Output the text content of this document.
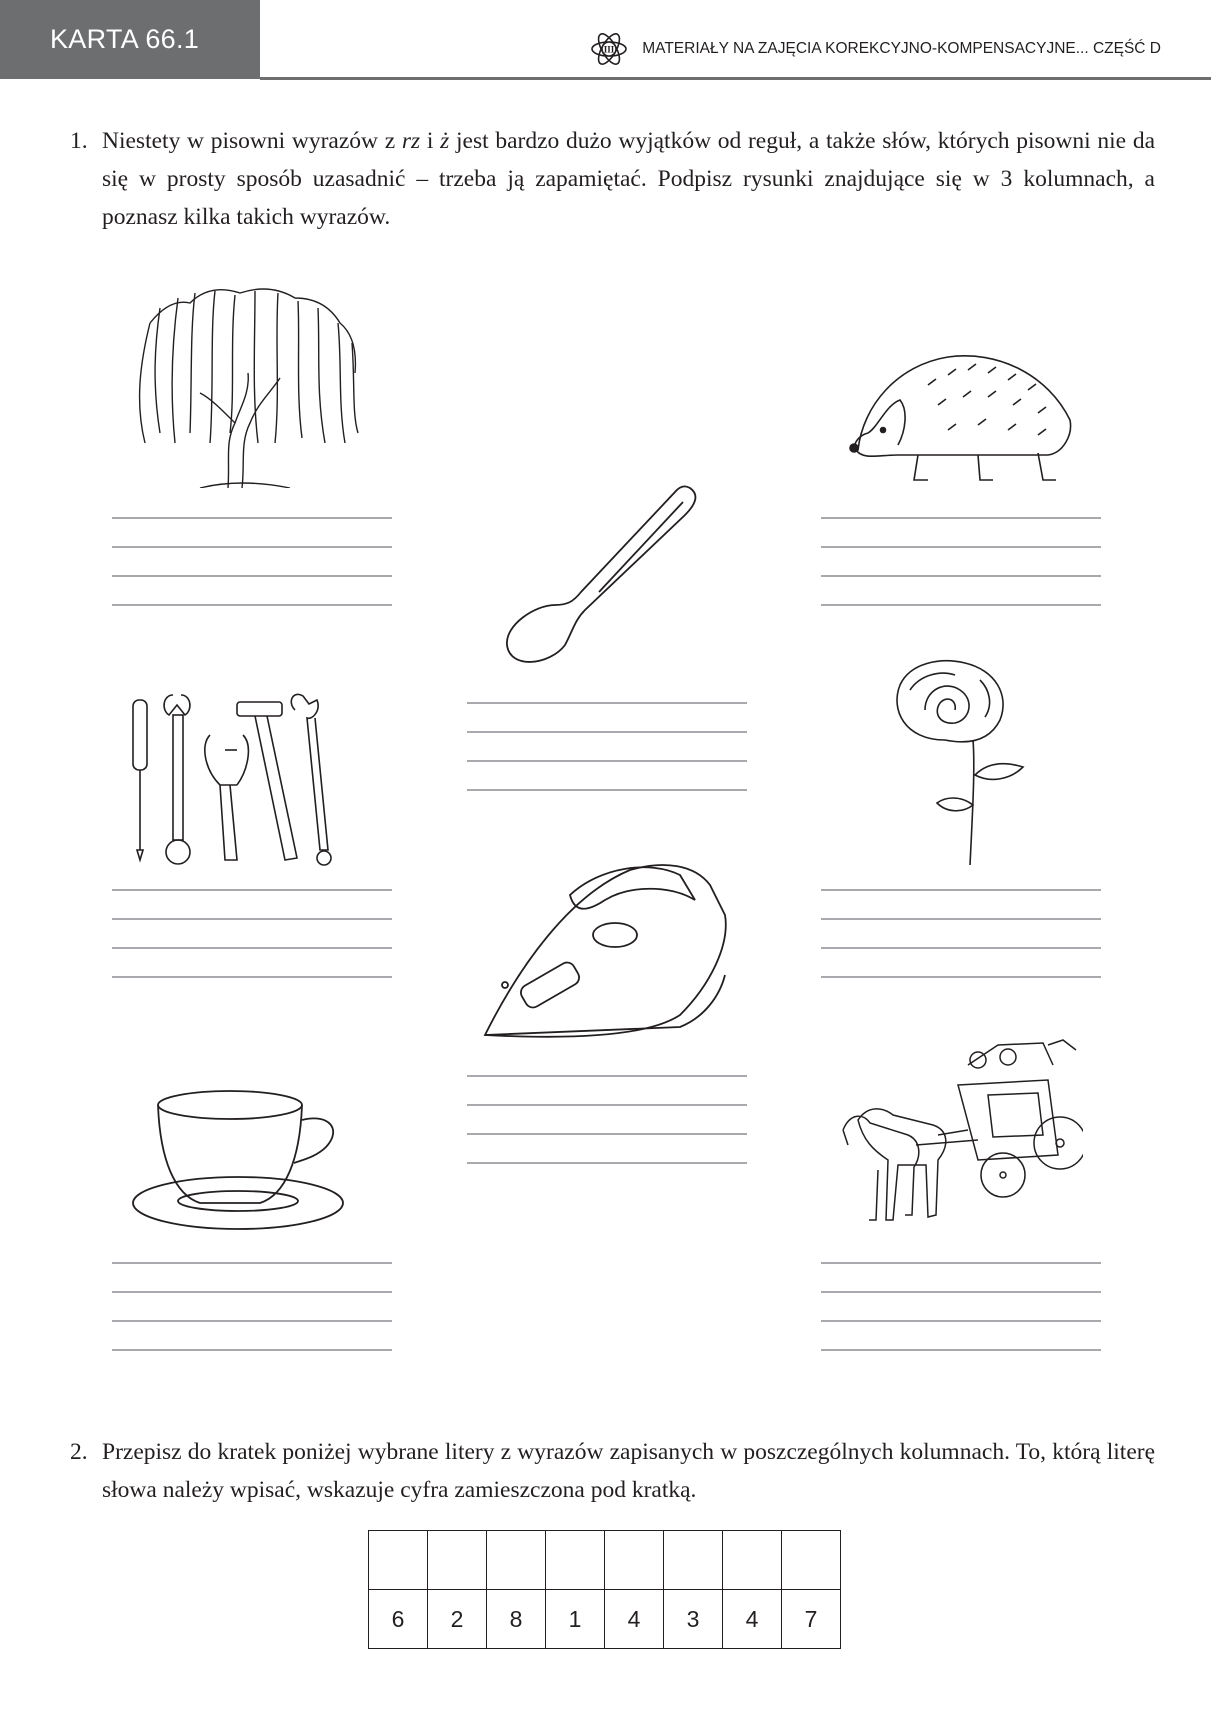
KARTA 66.1	III MATERIAŁY NA ZAJĘCIA KOREKCYJNO-KOMPENSACYJNE... CZĘŚĆ D
1. Niestety w pisowni wyrazów z rz i ż jest bardzo dużo wyjątków od reguł, a także słów, których pisowni nie da się w prosty sposób uzasadnić – trzeba ją zapamiętać. Podpisz rysunki znajdujące się w 3 kolumnach, a poznasz kilka takich wyrazów.
2. Przepisz do kratek poniżej wybrane litery z wyrazów zapisanych w poszczególnych kolumnach. To, którą literę słowa należy wpisać, wskazuje cyfra zamieszczona pod kratką.

6	2	8	1	4	3	4	7
